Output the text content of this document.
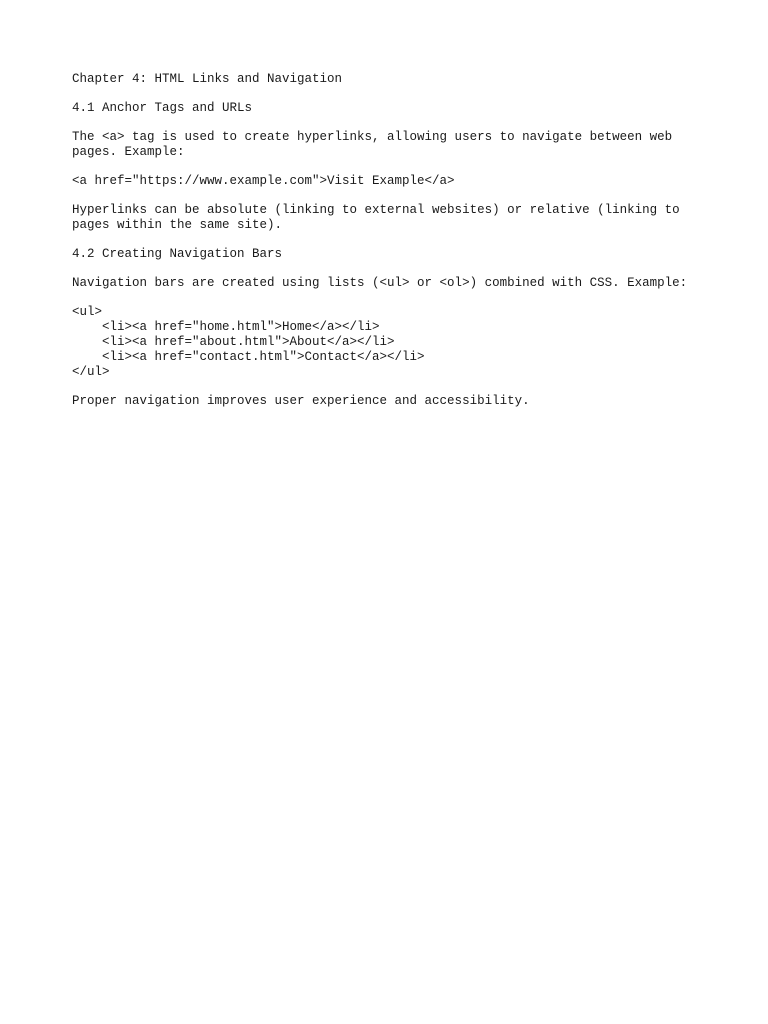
Chapter 4: HTML Links and Navigation
4.1 Anchor Tags and URLs
The <a> tag is used to create hyperlinks, allowing users to navigate between web
pages. Example:
<a href="https://www.example.com">Visit Example</a>
Hyperlinks can be absolute (linking to external websites) or relative (linking to
pages within the same site).
4.2 Creating Navigation Bars
Navigation bars are created using lists (<ul> or <ol>) combined with CSS. Example:
<ul>
<li><a href="home.html">Home</a></li>
<li><a href="about.html">About</a></li>
<li><a href="contact.html">Contact</a></li>
</ul>
Proper navigation improves user experience and accessibility.
